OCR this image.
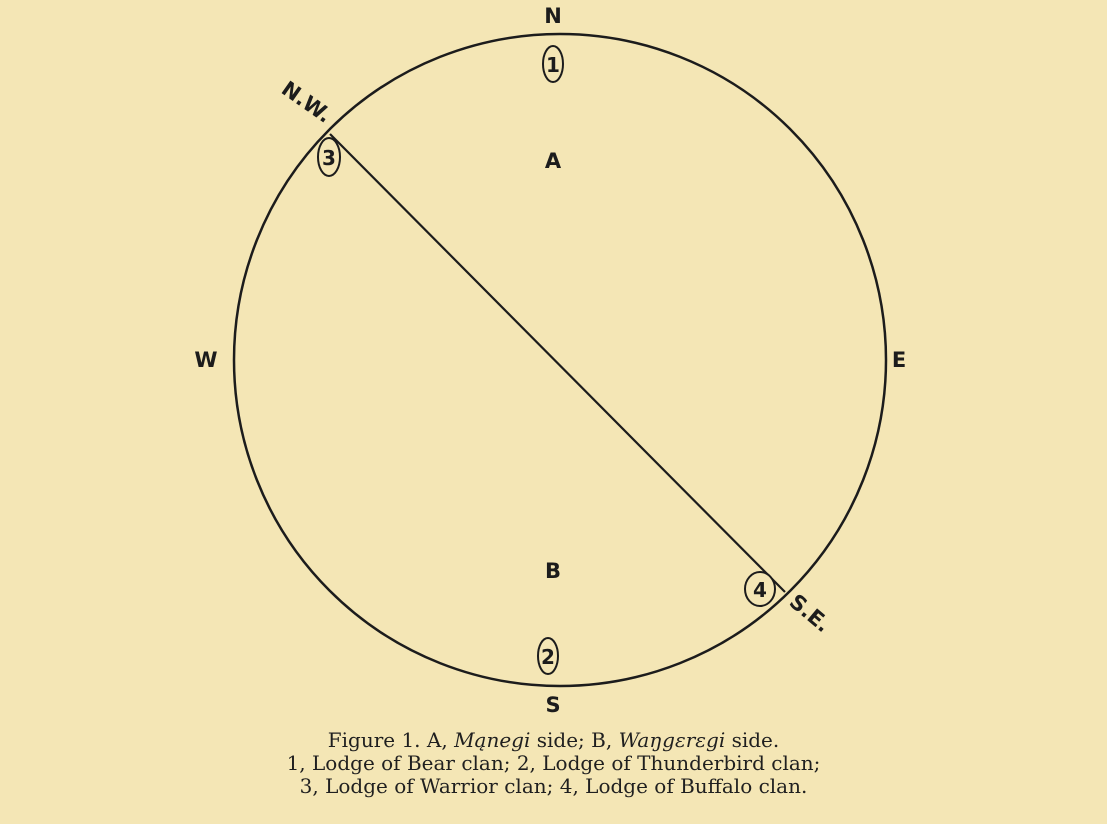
N
S
W	E
N.W.
S.E.
A
B
1
2
3
4
Figure 1. A, Mąnegi side; B, Waŋgɛrɛgi side.
1, Lodge of Bear clan; 2, Lodge of Thunderbird clan;
3, Lodge of Warrior clan; 4, Lodge of Buffalo clan.
